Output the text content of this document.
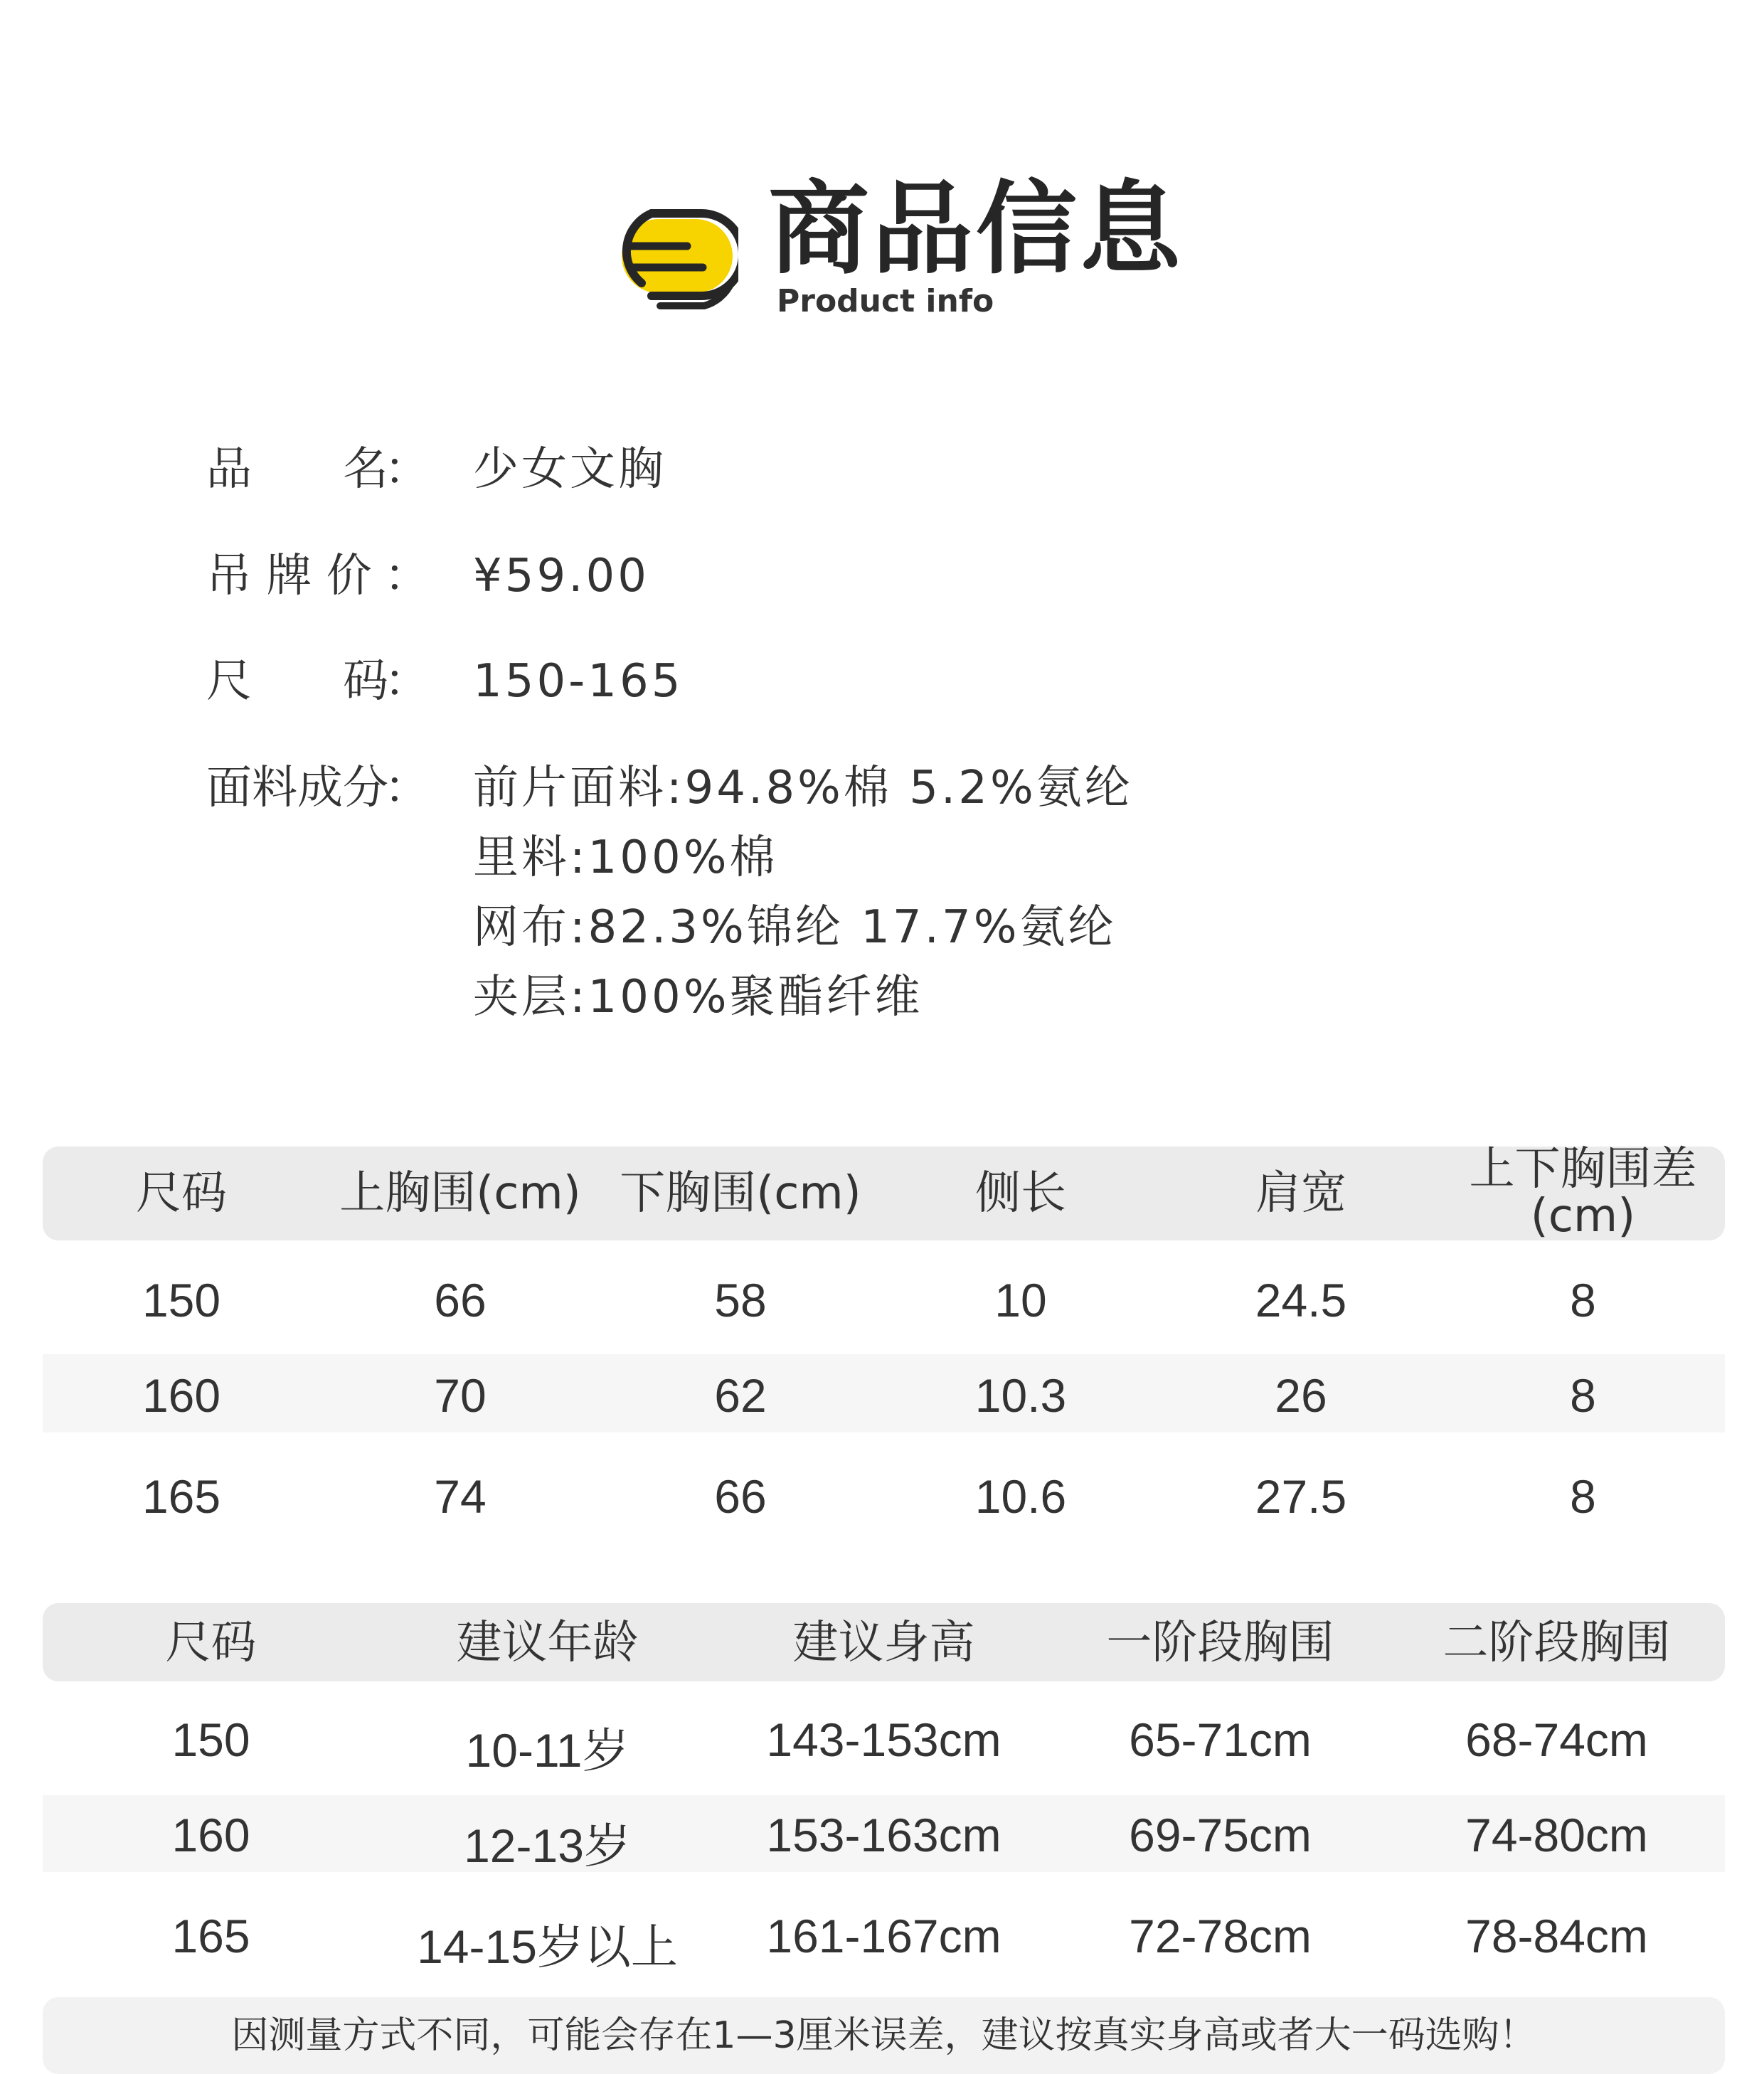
商品信息
Product info
品　　名
： 少女文胸
吊 牌 价 ： ¥59.00
尺　　码
： 150-165
面料成分
： 前片面料:94.8%棉 5.2%氨纶
里料:100%棉
网布:82.3%锦纶 17.7%氨纶
夹层:100%聚酯纤维
尺码	上胸围(cm) 下胸围(cm)	侧长	肩宽	上下胸围差
(cm)
150	66	58	10	24.5	8
160	70	62	10.3	26	8
165	74	66	10.6	27.5	8
尺码	建议年龄	建议身高	一阶段胸围	二阶段胸围
150	10-11岁	143-153cm	65-71cm	68-74cm
160	12-13岁	153-163cm	69-75cm	74-80cm
165	14-15岁以上	161-167cm	72-78cm	78-84cm
因测量方式不同，可能会存在1—3厘米误差，建议按真实身高或者大一码选购！
